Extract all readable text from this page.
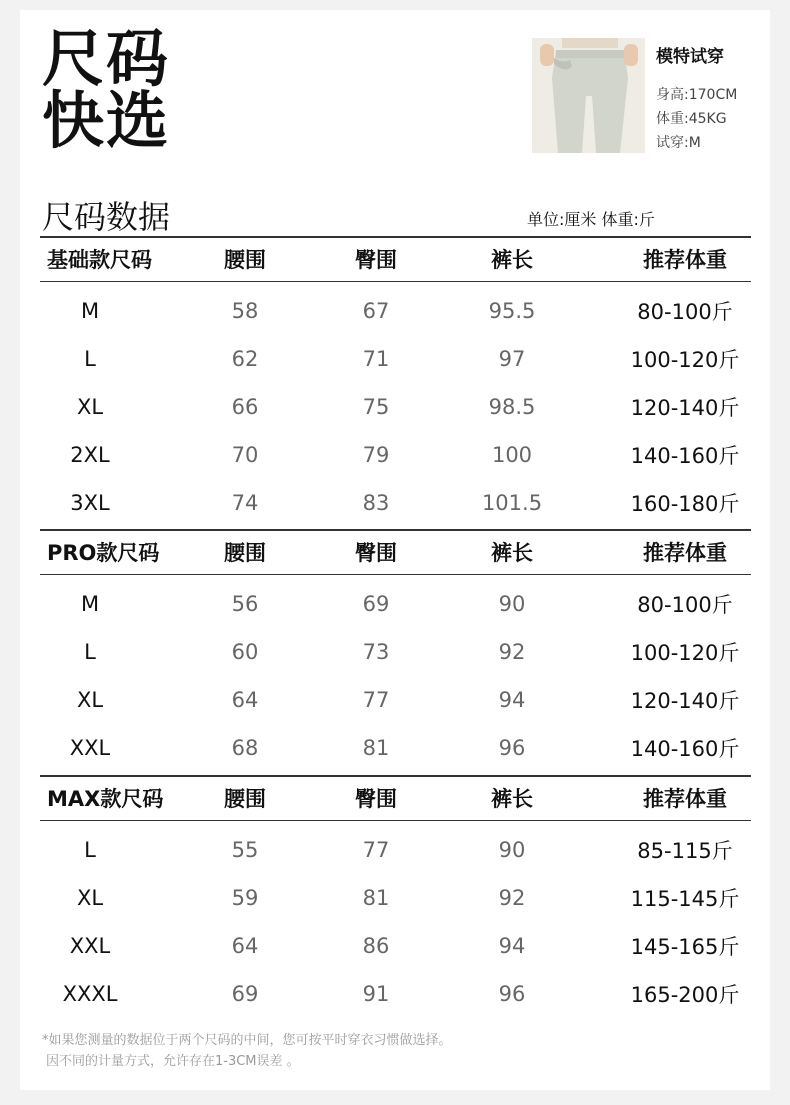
尺码
快选
模特试穿
身高:170CM
体重:45KG
试穿:M
尺码数据	单位:厘米 体重:斤
基础款尺码	腰围	臀围	裤长	推荐体重
M	58	67	95.5	80-100斤
L	62	71	97	100-120斤
XL	66	75	98.5	120-140斤
2XL	70	79	100	140-160斤
3XL	74	83	101.5	160-180斤
PRO款尺码	腰围	臀围	裤长	推荐体重
M	56	69	90	80-100斤
L	60	73	92	100-120斤
XL	64	77	94	120-140斤
XXL	68	81	96	140-160斤
MAX款尺码	腰围	臀围	裤长	推荐体重
L	55	77	90	85-115斤
XL	59	81	92	115-145斤
XXL	64	86	94	145-165斤
XXXL	69	91	96	165-200斤
*如果您测量的数据位于两个尺码的中间，您可按平时穿衣习惯做选择。
因不同的计量方式，允许存在1-3CM误差 。
